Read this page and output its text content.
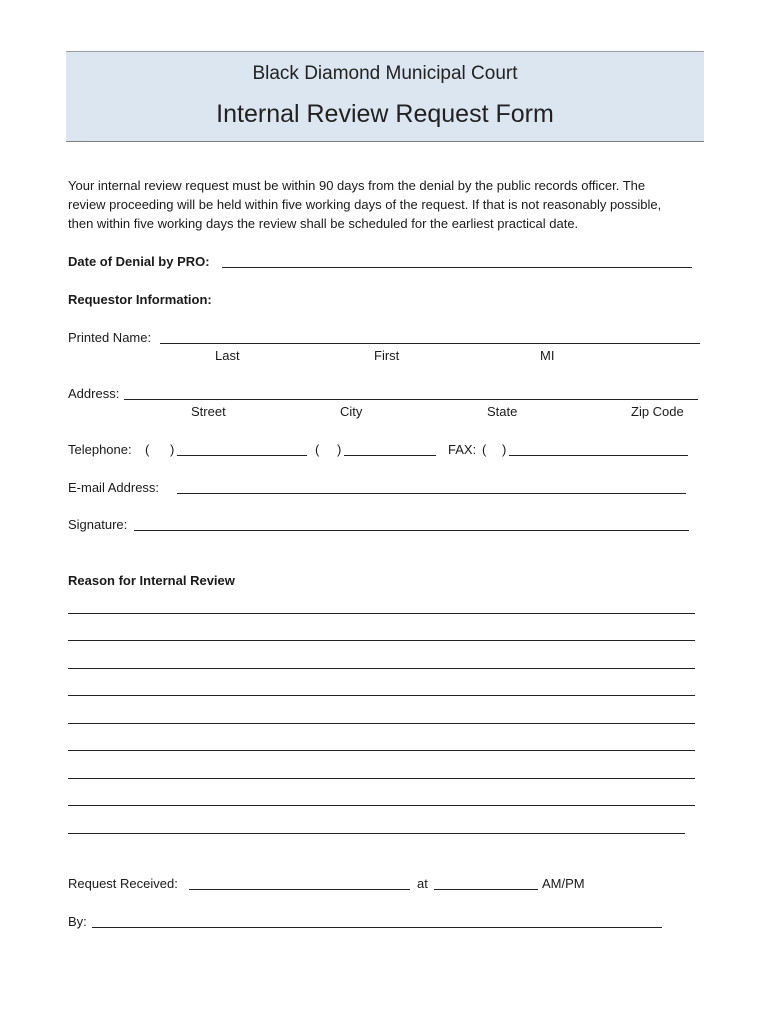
Black Diamond Municipal Court
Internal Review Request Form
Your internal review request must be within 90 days from the denial by the public records officer. The
review proceeding will be held within five working days of the request. If that is not reasonably possible,
then within five working days the review shall be scheduled for the earliest practical date.
Date of Denial by PRO:
Requestor Information:
Printed Name:
Last	First	MI
Address:
Street	City	State	Zip Code
Telephone: ( )	( )	FAX: ( )
E-mail Address:
Signature:
Reason for Internal Review
Request Received:	at	AM/PM
By:
